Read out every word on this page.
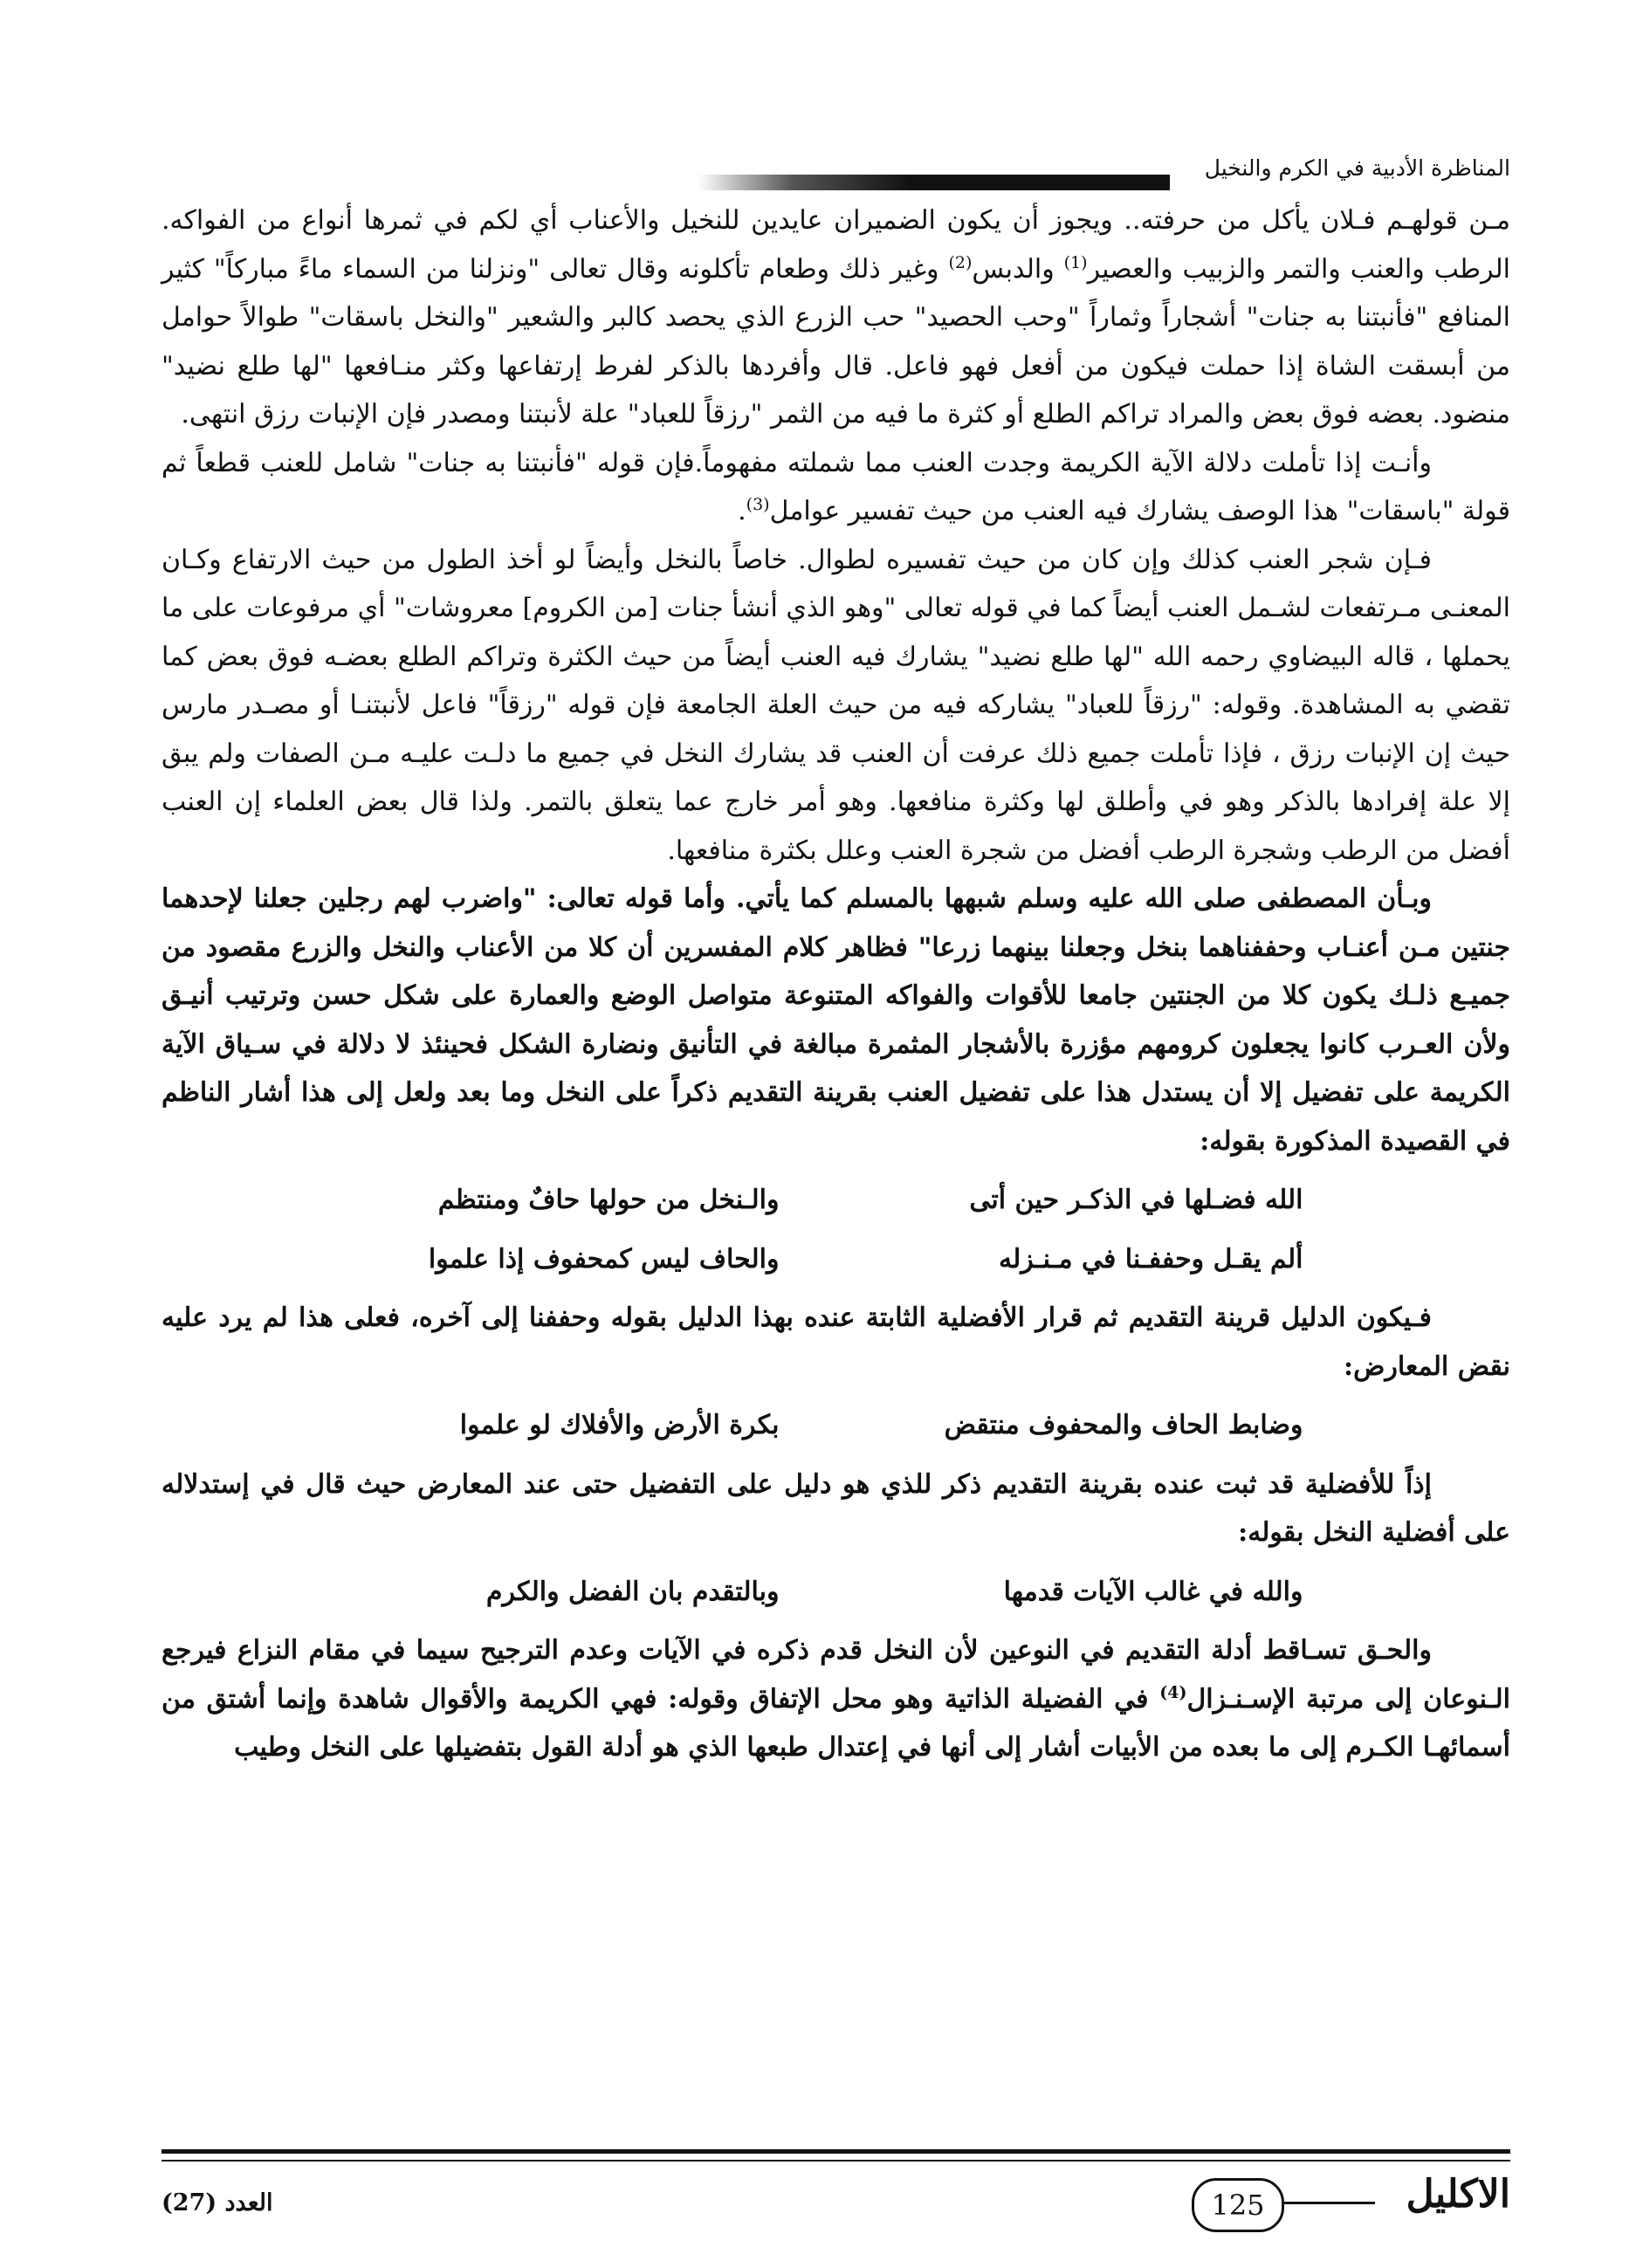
المناظرة الأدبية في الكرم والنخيل

مـن قولهـم فـلان يأكل من حرفته.. ويجوز أن يكون الضميران عايدين للنخيل والأعناب أي لكم في ثمرها أنواع من الفواكه. الرطب والعنب والتمر والزبيب والعصير$^{(1)}$ والدبس$^{(2)}$ وغير ذلك وطعام تأكلونه وقال تعالى "ونزلنا من السماء ماءً مباركاً" كثير المنافع "فأنبتنا به جنات" أشجاراً وثماراً "وحب الحصيد" حب الزرع الذي يحصد كالبر والشعير "والنخل باسقات" طوالاً حوامل من أبسقت الشاة إذا حملت فيكون من أفعل فهو فاعل. قال وأفردها بالذكر لفرط إرتفاعها وكثر منـافعها "لها طلع نضيد" منضود. بعضه فوق بعض والمراد تراكم الطلع أو كثرة ما فيه من الثمر "رزقاً للعباد" علة لأنبتنا ومصدر فإن الإنبات رزق انتهى.

وأنـت إذا تأملت دلالة الآية الكريمة وجدت العنب مما شملته مفهوماً.فإن قوله "فأنبتنا به جنات" شامل للعنب قطعاً ثم قولة "باسقات" هذا الوصف يشارك فيه العنب من حيث تفسير عوامل$^{(3)}$.

فـإن شجر العنب كذلك وإن كان من حيث تفسيره لطوال. خاصاً بالنخل وأيضاً لو أخذ الطول من حيث الارتفاع وكـان المعنـى مـرتفعات لشـمل العنب أيضاً كما في قوله تعالى "وهو الذي أنشأ جنات [من الكروم] معروشات" أي مرفوعات على ما يحملها ، قاله البيضاوي رحمه الله "لها طلع نضيد" يشارك فيه العنب أيضاً من حيث الكثرة وتراكم الطلع بعضـه فوق بعض كما تقضي به المشاهدة. وقوله: "رزقاً للعباد" يشاركه فيه من حيث العلة الجامعة فإن قوله "رزقاً" فاعل لأنبتنـا أو مصـدر مارس حيث إن الإنبات رزق ، فإذا تأملت جميع ذلك عرفت أن العنب قد يشارك النخل في جميع ما دلـت عليـه مـن الصفات ولم يبق إلا علة إفرادها بالذكر وهو في وأطلق لها وكثرة منافعها. وهو أمر خارج عما يتعلق بالتمر. ولذا قال بعض العلماء إن العنب أفضل من الرطب وشجرة الرطب أفضل من شجرة العنب وعلل بكثرة منافعها.

وبـأن المصطفى صلى الله عليه وسلم شبهها بالمسلم كما يأتي. وأما قوله تعالى: "واضرب لهم رجلين جعلنا لإحدهما جنتين مـن أعنـاب وحففناهما بنخل وجعلنا بينهما زرعا" فظاهر كلام المفسرين أن كلا من الأعناب والنخل والزرع مقصود من جميـع ذلـك يكون كلا من الجنتين جامعا للأقوات والفواكه المتنوعة متواصل الوضع والعمارة على شكل حسن وترتيب أنيـق ولأن العـرب كانوا يجعلون كرومهم مؤزرة بالأشجار المثمرة مبالغة في التأنيق ونضارة الشكل فحينئذ لا دلالة في سـياق الآية الكريمة على تفضيل إلا أن يستدل هذا على تفضيل العنب بقرينة التقديم ذكراً على النخل وما بعد ولعل إلى هذا أشار الناظم في القصيدة المذكورة بقوله:

الله فضـلها في الذكـر حين أتى
والـنخل من حولها حافٌ ومنتظم
ألم يقـل وحففـنا في مـنـزله
والحاف ليس كمحفوف إذا علموا

فـيكون الدليل قرينة التقديم ثم قرار الأفضلية الثابتة عنده بهذا الدليل بقوله وحففنا إلى آخره، فعلى هذا لم يرد عليه نقض المعارض:

وضابط الحاف والمحفوف منتقض
بكرة الأرض والأفلاك لو علموا

إذاً للأفضلية قد ثبت عنده بقرينة التقديم ذكر للذي هو دليل على التفضيل حتى عند المعارض حيث قال في إستدلاله على أفضلية النخل بقوله:

والله في غالب الآيات قدمها
وبالتقدم بان الفضل والكرم

والحـق تسـاقط أدلة التقديم في النوعين لأن النخل قدم ذكره في الآيات وعدم الترجيح سيما في مقام النزاع فيرجع الـنوعان إلى مرتبة الإسـنـزال$^{(4)}$ في الفضيلة الذاتية وهو محل الإتفاق وقوله: فهي الكريمة والأقوال شاهدة وإنما أشتق من أسمائهـا الكـرم إلى ما بعده من الأبيات أشار إلى أنها في إعتدال طبعها الذي هو أدلة القول بتفضيلها على النخل وطيب

العدد (27)	125	الاكليل
